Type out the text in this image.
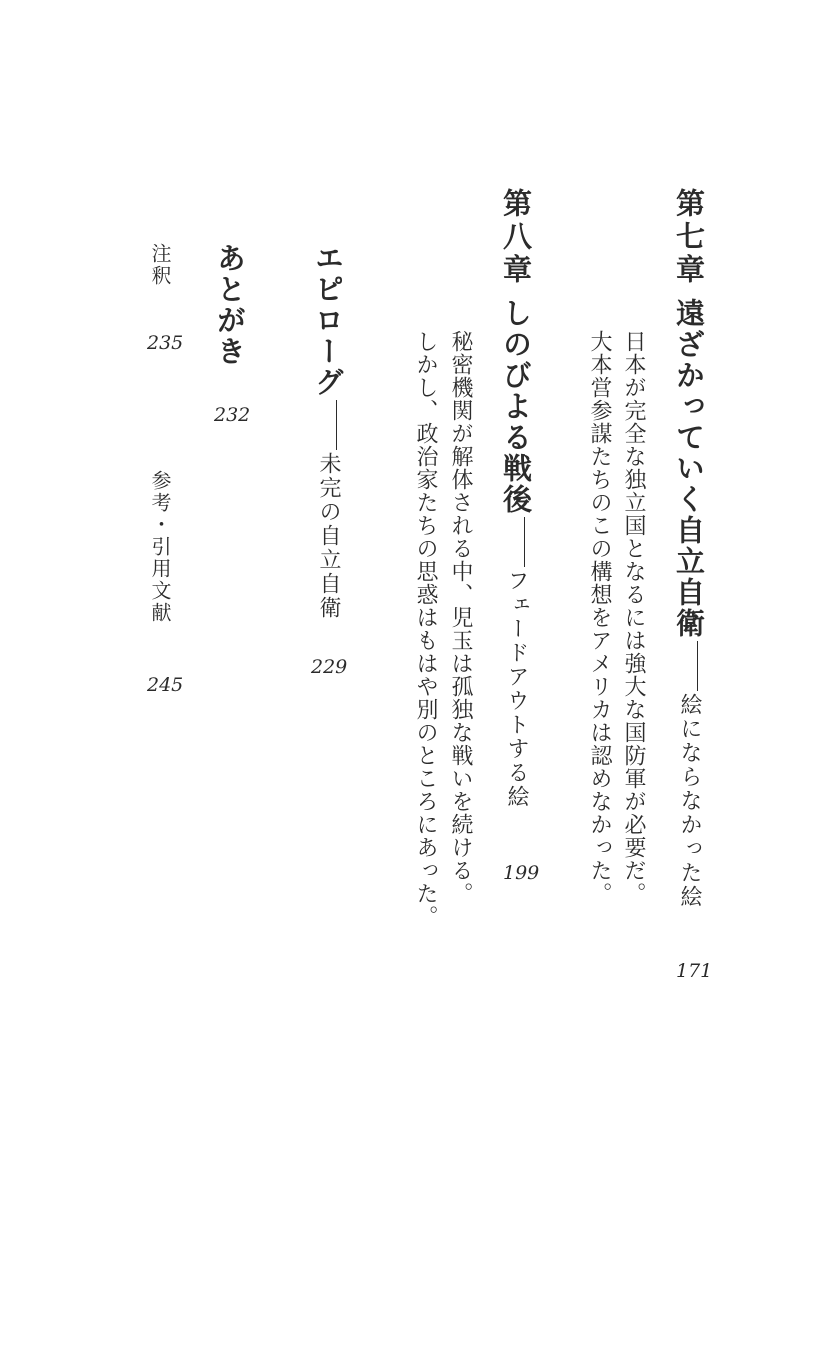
第七章
遠ざかっていく自立自衛絵にならなかった絵
日本が完全な独立国となるには強大な国防軍が必要だ。
大本営参謀たちのこの構想をアメリカは認めなかった。
171
第八章
しのびよる戦後フェードアウトする絵
秘密機関が解体される中、児玉は孤独な戦いを続ける。
しかし、政治家たちの思惑はもはや別のところにあった。	199
エピローグ未完の自立自衛
229
あとがき
232
注釈
235
参考・引用文献
245
